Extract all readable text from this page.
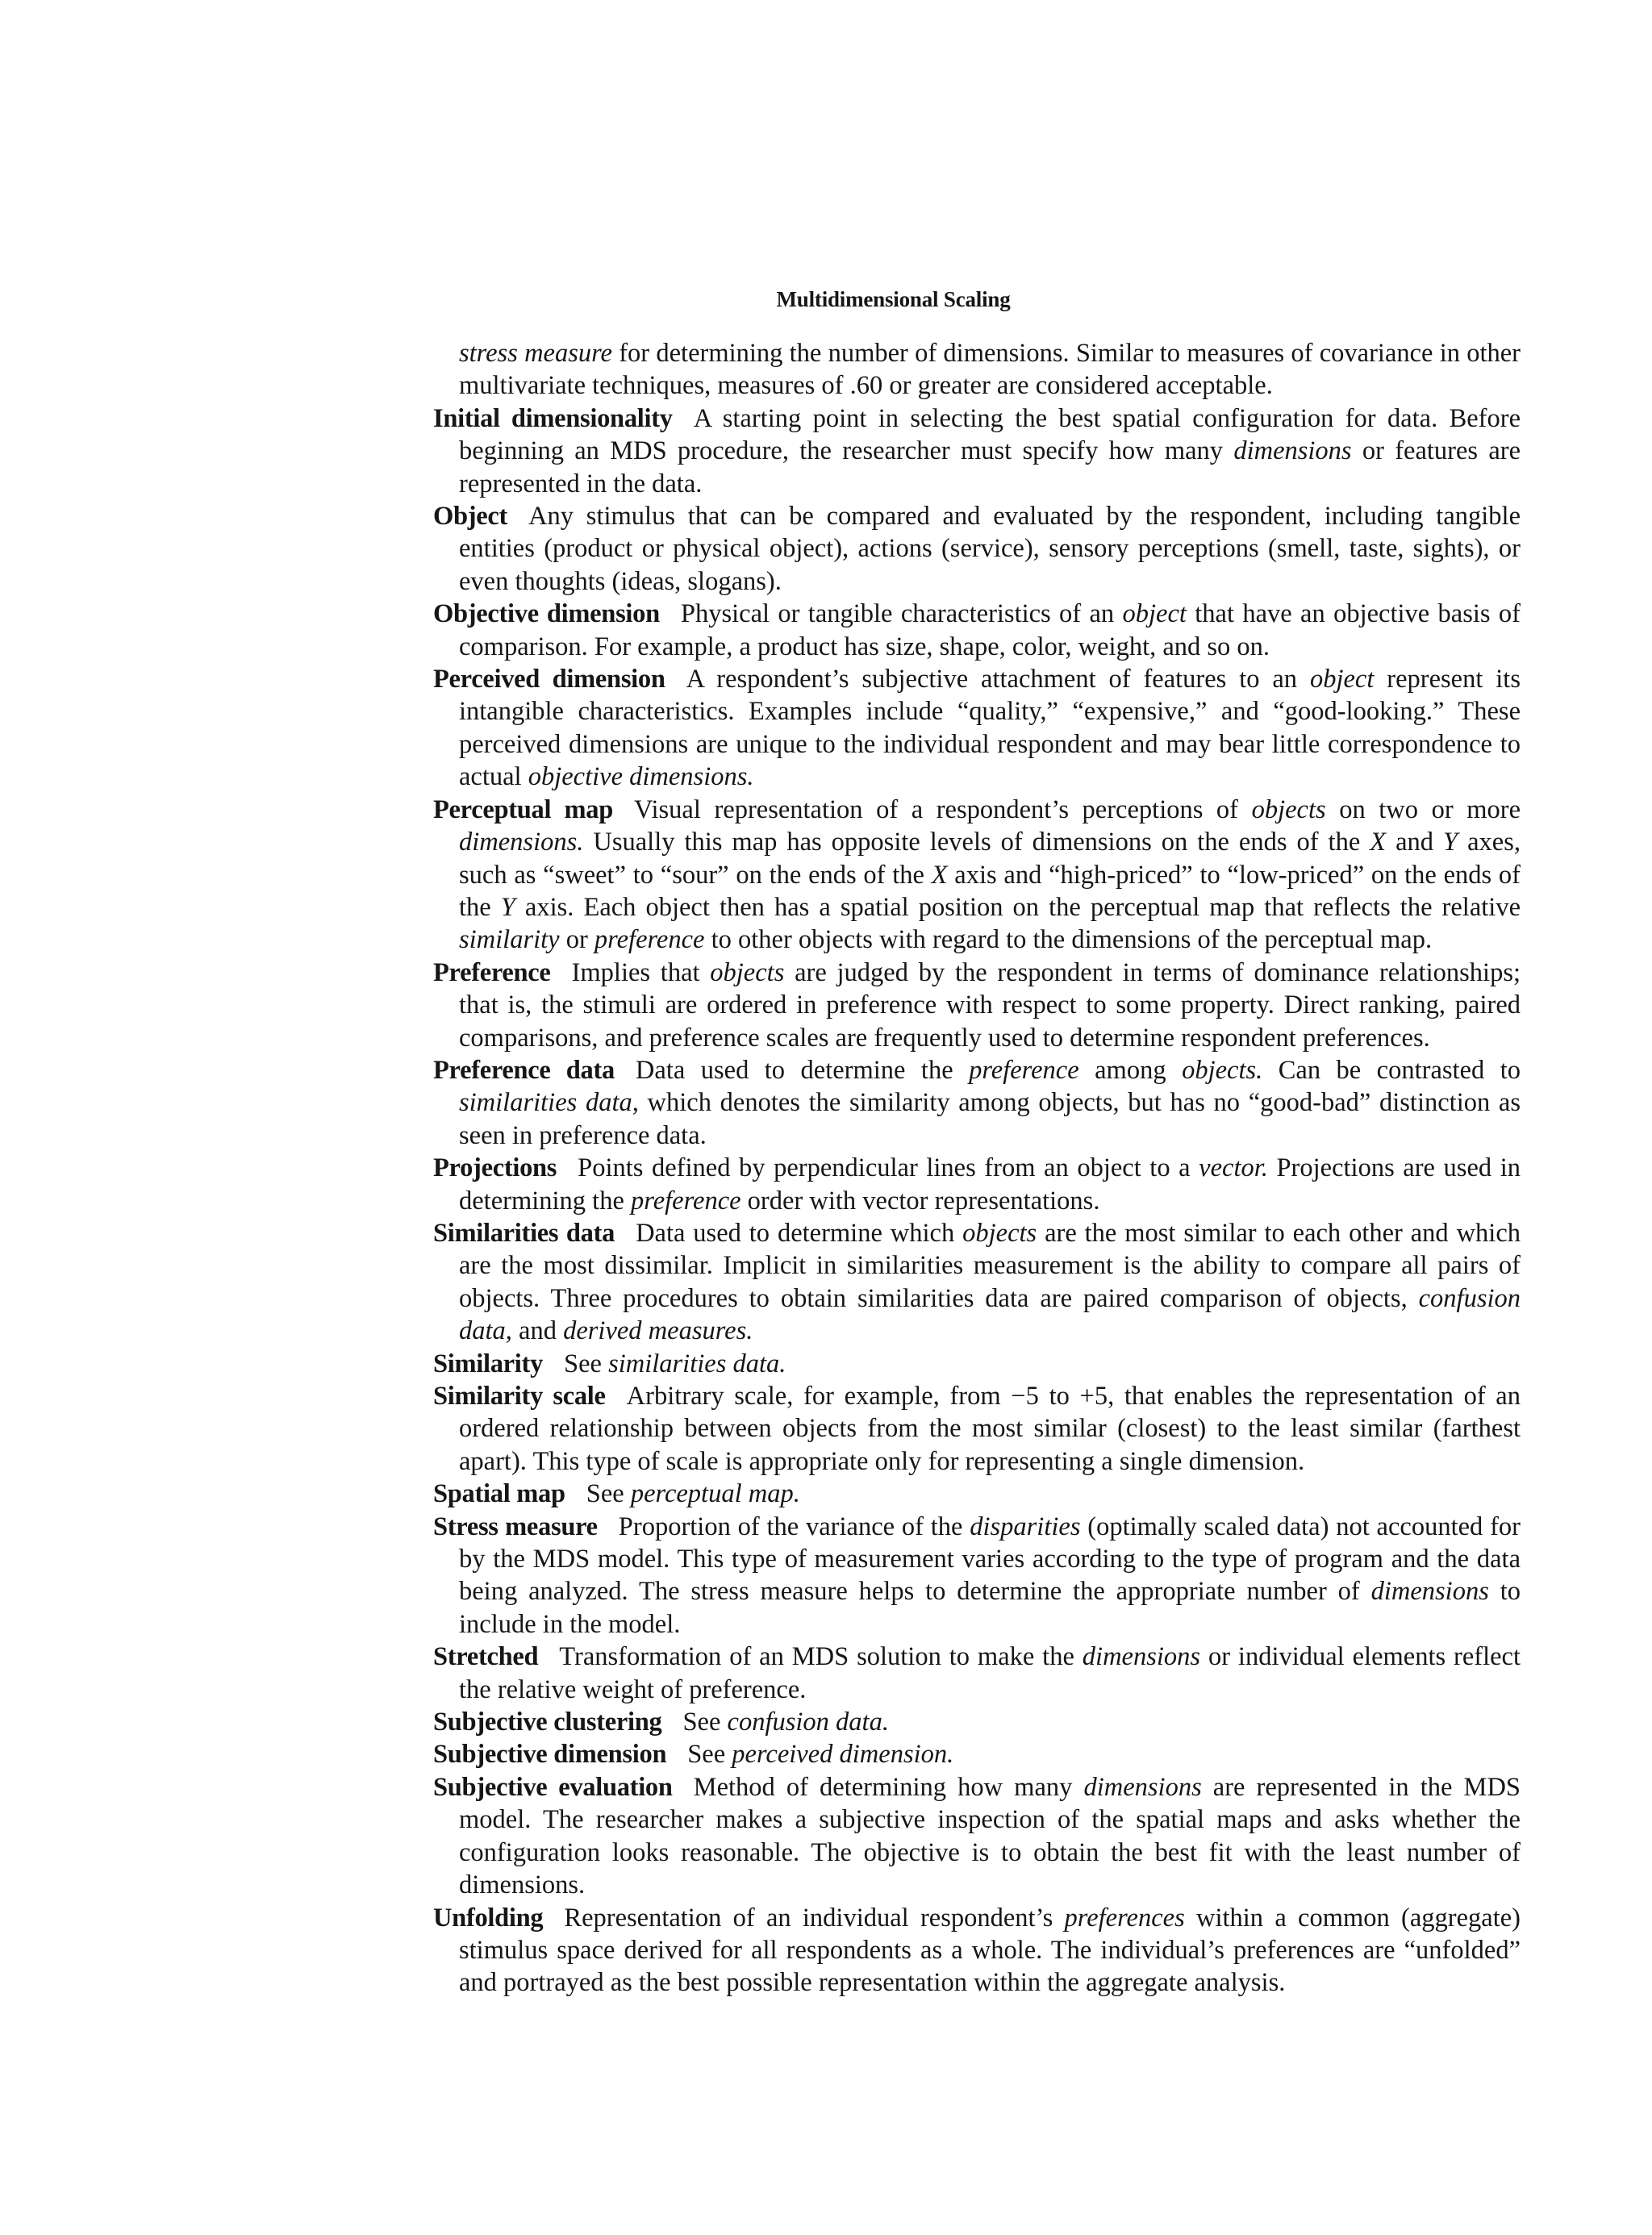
Multidimensional Scaling

stress measure for determining the number of dimensions. Similar to measures of covariance in other multivariate techniques, measures of .60 or greater are considered acceptable.

Initial dimensionality A starting point in selecting the best spatial configuration for data. Before beginning an MDS procedure, the researcher must specify how many dimensions or features are represented in the data.

Object Any stimulus that can be compared and evaluated by the respondent, including tangible entities (product or physical object), actions (service), sensory perceptions (smell, taste, sights), or even thoughts (ideas, slogans).

Objective dimension Physical or tangible characteristics of an object that have an objective basis of comparison. For example, a product has size, shape, color, weight, and so on.

Perceived dimension A respondent’s subjective attachment of features to an object represent its intangible characteristics. Examples include “quality,” “expensive,” and “good-looking.” These perceived dimensions are unique to the individual respondent and may bear little correspondence to actual objective dimensions.

Perceptual map Visual representation of a respondent’s perceptions of objects on two or more dimensions. Usually this map has opposite levels of dimensions on the ends of the X and Y axes, such as “sweet” to “sour” on the ends of the X axis and “high-priced” to “low-priced” on the ends of the Y axis. Each object then has a spatial position on the perceptual map that reflects the relative similarity or preference to other objects with regard to the dimensions of the perceptual map.

Preference Implies that objects are judged by the respondent in terms of dominance relationships; that is, the stimuli are ordered in preference with respect to some property. Direct ranking, paired comparisons, and preference scales are frequently used to determine respondent preferences.

Preference data Data used to determine the preference among objects. Can be contrasted to similarities data, which denotes the similarity among objects, but has no “good-bad” distinction as seen in preference data.

Projections Points defined by perpendicular lines from an object to a vector. Projections are used in determining the preference order with vector representations.

Similarities data Data used to determine which objects are the most similar to each other and which are the most dissimilar. Implicit in similarities measurement is the ability to compare all pairs of objects. Three procedures to obtain similarities data are paired comparison of objects, confusion data, and derived measures.

Similarity See similarities data.

Similarity scale Arbitrary scale, for example, from −5 to +5, that enables the representation of an ordered relationship between objects from the most similar (closest) to the least similar (farthest apart). This type of scale is appropriate only for representing a single dimension.

Spatial map See perceptual map.

Stress measure Proportion of the variance of the disparities (optimally scaled data) not accounted for by the MDS model. This type of measurement varies according to the type of program and the data being analyzed. The stress measure helps to determine the appropriate number of dimensions to include in the model.

Stretched Transformation of an MDS solution to make the dimensions or individual elements reflect the relative weight of preference.

Subjective clustering See confusion data.

Subjective dimension See perceived dimension.

Subjective evaluation Method of determining how many dimensions are represented in the MDS model. The researcher makes a subjective inspection of the spatial maps and asks whether the configuration looks reasonable. The objective is to obtain the best fit with the least number of dimensions.

Unfolding Representation of an individual respondent’s preferences within a common (aggregate) stimulus space derived for all respondents as a whole. The individual’s preferences are “unfolded” and portrayed as the best possible representation within the aggregate analysis.
